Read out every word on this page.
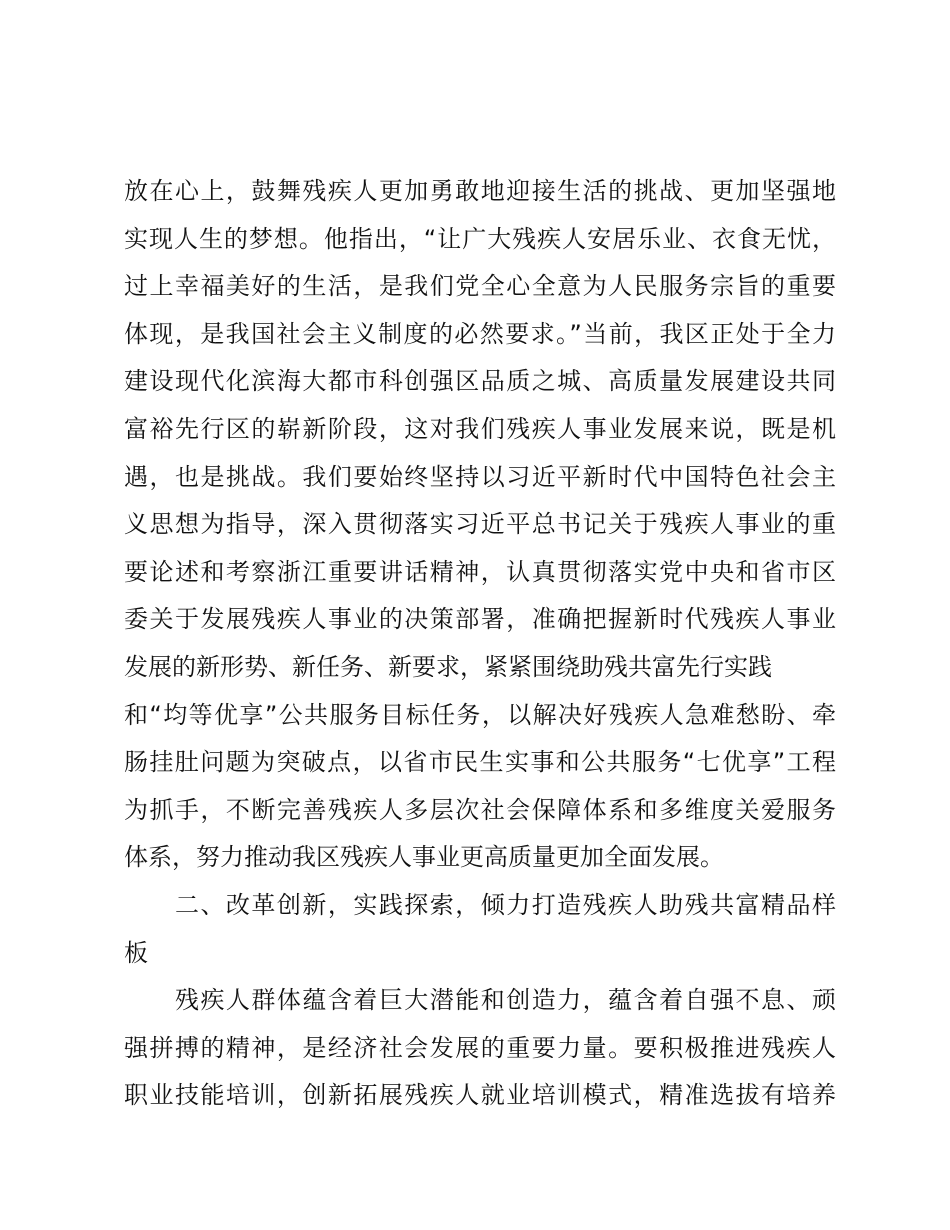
放在心上，鼓舞残疾人更加勇敢地迎接生活的挑战、更加坚强地
实现人生的梦想。他指出，“让广大残疾人安居乐业、衣食无忧，
过上幸福美好的生活，是我们党全心全意为人民服务宗旨的重要
体现，是我国社会主义制度的必然要求。”当前，我区正处于全力
建设现代化滨海大都市科创强区品质之城、高质量发展建设共同
富裕先行区的崭新阶段，这对我们残疾人事业发展来说，既是机
遇，也是挑战。我们要始终坚持以习近平新时代中国特色社会主
义思想为指导，深入贯彻落实习近平总书记关于残疾人事业的重
要论述和考察浙江重要讲话精神，认真贯彻落实党中央和省市区
委关于发展残疾人事业的决策部署，准确把握新时代残疾人事业
发展的新形势、新任务、新要求，紧紧围绕助残共富先行实践
和“均等优享”公共服务目标任务，以解决好残疾人急难愁盼、牵
肠挂肚问题为突破点，以省市民生实事和公共服务“七优享”工程
为抓手，不断完善残疾人多层次社会保障体系和多维度关爱服务
体系，努力推动我区残疾人事业更高质量更加全面发展。
　　二、改革创新，实践探索，倾力打造残疾人助残共富精品样
板
　　残疾人群体蕴含着巨大潜能和创造力，蕴含着自强不息、顽
强拼搏的精神，是经济社会发展的重要力量。要积极推进残疾人
职业技能培训，创新拓展残疾人就业培训模式，精准选拔有培养
